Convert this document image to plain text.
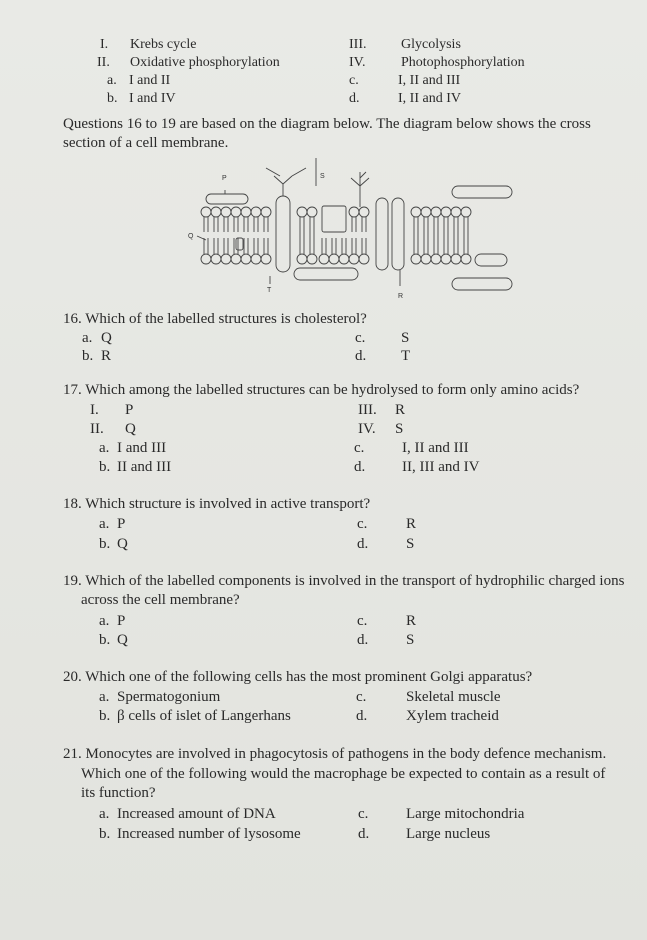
I. Krebs cycle	III. Glycolysis
II. Oxidative phosphorylation	IV.	Photophosphorylation
a. I and II	c.	I, II and III
b. I and IV	d.	I, II and IV
Questions 16 to 19 are based on the diagram below. The diagram below shows the cross
section of a cell membrane.
P
Q
R
S
T
16. Which of the labelled structures is cholesterol?
a. Q	c. S
b. R	d. T
17. Which among the labelled structures can be hydrolysed to form only amino acids?
I. P	III. R
II. Q	IV. S
a. I and III	c.	I, II and III
b. II and III	d. II, III and IV
18. Which structure is involved in active transport?
a. P	c.	R
b. Q	d.	S
19. Which of the labelled components is involved in the transport of hydrophilic charged ions
across the cell membrane?
a. P	c.	R
b. Q	d.	S
20. Which one of the following cells has the most prominent Golgi apparatus?
a. Spermatogonium	c.	Skeletal muscle
b. β cells of islet of Langerhans	d.	Xylem tracheid
21. Monocytes are involved in phagocytosis of pathogens in the body defence mechanism.
Which one of the following would the macrophage be expected to contain as a result of
its function?
a. Increased amount of DNA	c.	Large mitochondria
b. Increased number of lysosome	d. Large nucleus
